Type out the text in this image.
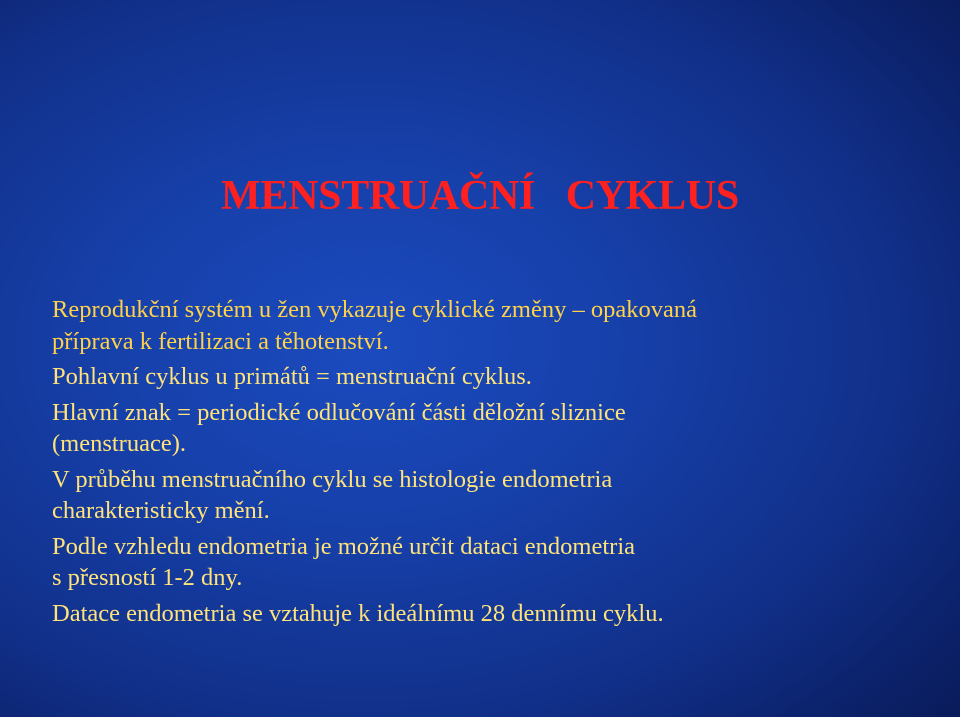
MENSTRUAČNÍ   CYKLUS

Reprodukční systém u žen vykazuje cyklické změny – opakovaná
příprava k fertilizaci a těhotenství.

Pohlavní cyklus u primátů = menstruační cyklus.

Hlavní znak = periodické odlučování části děložní sliznice
(menstruace).

V průběhu menstruačního cyklu se histologie endometria
charakteristicky mění.

Podle vzhledu endometria je možné určit dataci endometria
s přesností 1-2 dny.

Datace endometria se vztahuje k ideálnímu 28 dennímu cyklu.
